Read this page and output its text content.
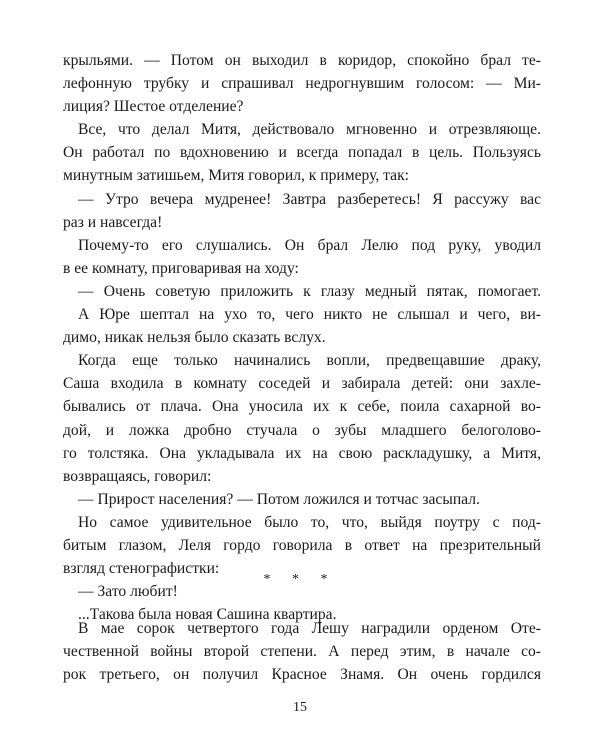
крыльями. — Потом он выходил в коридор, спокойно брал те-
лефонную трубку и спрашивал недрогнувшим голосом: — Ми-
лиция? Шестое отделение?
Все, что делал Митя, действовало мгновенно и отрезвляюще.
Он работал по вдохновению и всегда попадал в цель. Пользуясь
минутным затишьем, Митя говорил, к примеру, так:
— Утро вечера мудренее! Завтра разберетесь! Я рассужу вас
раз и навсегда!
Почему-то его слушались. Он брал Лелю под руку, уводил
в ее комнату, приговаривая на ходу:
— Очень советую приложить к глазу медный пятак, помогает.
А Юре шептал на ухо то, чего никто не слышал и чего, ви-
димо, никак нельзя было сказать вслух.
Когда еще только начинались вопли, предвещавшие драку,
Саша входила в комнату соседей и забирала детей: они захле-
бывались от плача. Она уносила их к себе, поила сахарной во-
дой, и ложка дробно стучала о зубы младшего белоголово-
го толстяка. Она укладывала их на свою раскладушку, а Митя,
возвращаясь, говорил:
— Прирост населения? — Потом ложился и тотчас засыпал.
Но самое удивительное было то, что, выйдя поутру с под-
битым глазом, Леля гордо говорила в ответ на презрительный
взгляд стенографистки:
— Зато любит!
...Такова была новая Сашина квартира.
* * *
В мае сорок четвертого года Лешу наградили орденом Оте-
чественной войны второй степени. А перед этим, в начале со-
рок третьего, он получил Красное Знамя. Он очень гордился
15
